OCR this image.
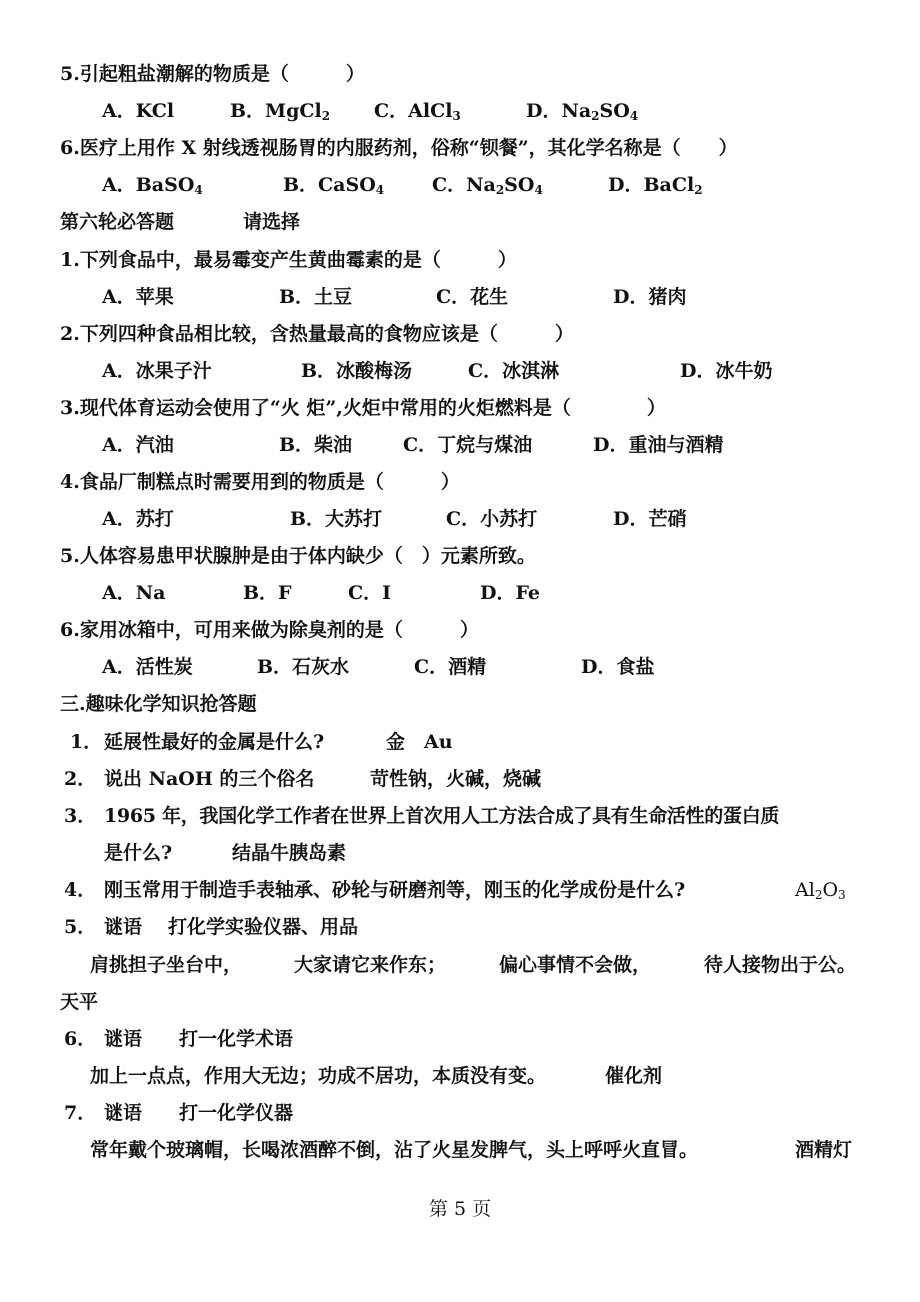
5.引起粗盐潮解的物质是（　　　）
A．KCl	B．MgCl$_2$ C．AlCl$_3$	D．$Na_2SO_4$
6.医疗上用作 X 射线透视肠胃的内服药剂，俗称“钡餐”，其化学名称是（　　）
A．BaSO$_4$	B．CaSO$_4$	C．$Na_2SO_4$	D．BaCl$_2$
第六轮必答题	请选择
1.下列食品中，最易霉变产生黄曲霉素的是（　　　）
A．苹果	B．土豆	C．花生	D．猪肉
2.下列四种食品相比较，含热量最高的食物应该是（　　　）
A．冰果子汁	B．冰酸梅汤	C．冰淇淋	D．冰牛奶
3.现代体育运动会使用了“火 炬”,火炬中常用的火炬燃料是（　　　　）
A．汽油	B．柴油	C．丁烷与煤油	D．重油与酒精
4.食品厂制糕点时需要用到的物质是（　　　）
A．苏打	B．大苏打	C．小苏打	D．芒硝
5.人体容易患甲状腺肿是由于体内缺少（　）元素所致。
A．Na	B．F	C．I	D．Fe
6.家用冰箱中，可用来做为除臭剂的是（　　　）
A．活性炭	B．石灰水	C．酒精	D．食盐
三.趣味化学知识抢答题
1． 延展性最好的金属是什么?	金　Au
2． 说出 NaOH 的三个俗名	苛性钠，火碱，烧碱
3． 1965 年，我国化学工作者在世界上首次用人工方法合成了具有生命活性的蛋白质
是什么?	结晶牛胰岛素
4． 刚玉常用于制造手表轴承、砂轮与研磨剂等，刚玉的化学成份是什么?	$Al_2O_3$
5． 谜语 打化学实验仪器、用品
肩挑担子坐台中，	大家请它来作东；	偏心事情不会做，	待人接物出于公。
天平
6． 谜语 打一化学术语
加上一点点，作用大无边；功成不居功，本质没有变。	催化剂
7． 谜语 打一化学仪器
常年戴个玻璃帽，长喝浓酒醉不倒，沾了火星发脾气，头上呼呼火直冒。	酒精灯
第 5 页
